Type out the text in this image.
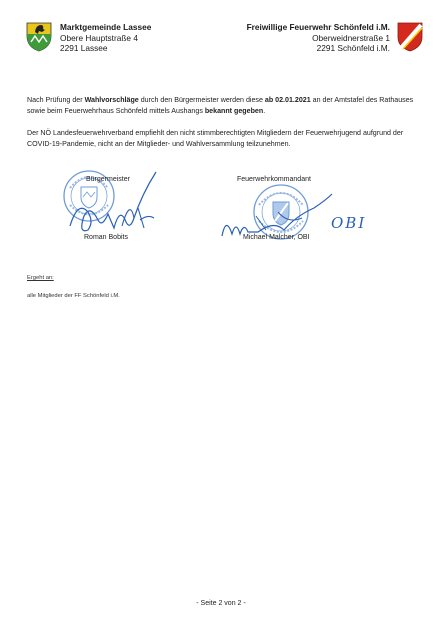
Marktgemeinde Lassee
Obere Hauptstraße 4
2291 Lassee
Freiwillige Feuerwehr Schönfeld i.M.
Oberweidnerstraße 1
2291 Schönfeld i.M.
Nach Prüfung der Wahlvorschläge durch den Bürgermeister werden diese ab 02.01.2021 an der Amtstafel des Rathauses sowie beim Feuerwehrhaus Schönfeld mittels Aushangs bekannt gegeben.
Der NÖ Landesfeuerwehrverband empfiehlt den nicht stimmberechtigten Mitgliedern der Feuerwehrjugend aufgrund der COVID-19-Pandemie, nicht an der Mitglieder- und Wahlversammlung teilzunehmen.
Bürgermeister
Roman Bobits
Feuerwehrkommandant
OBI
Michael Malcher, OBI
Ergeht an:
alle Mitglieder der FF Schönfeld i.M.
- Seite 2 von 2 -
